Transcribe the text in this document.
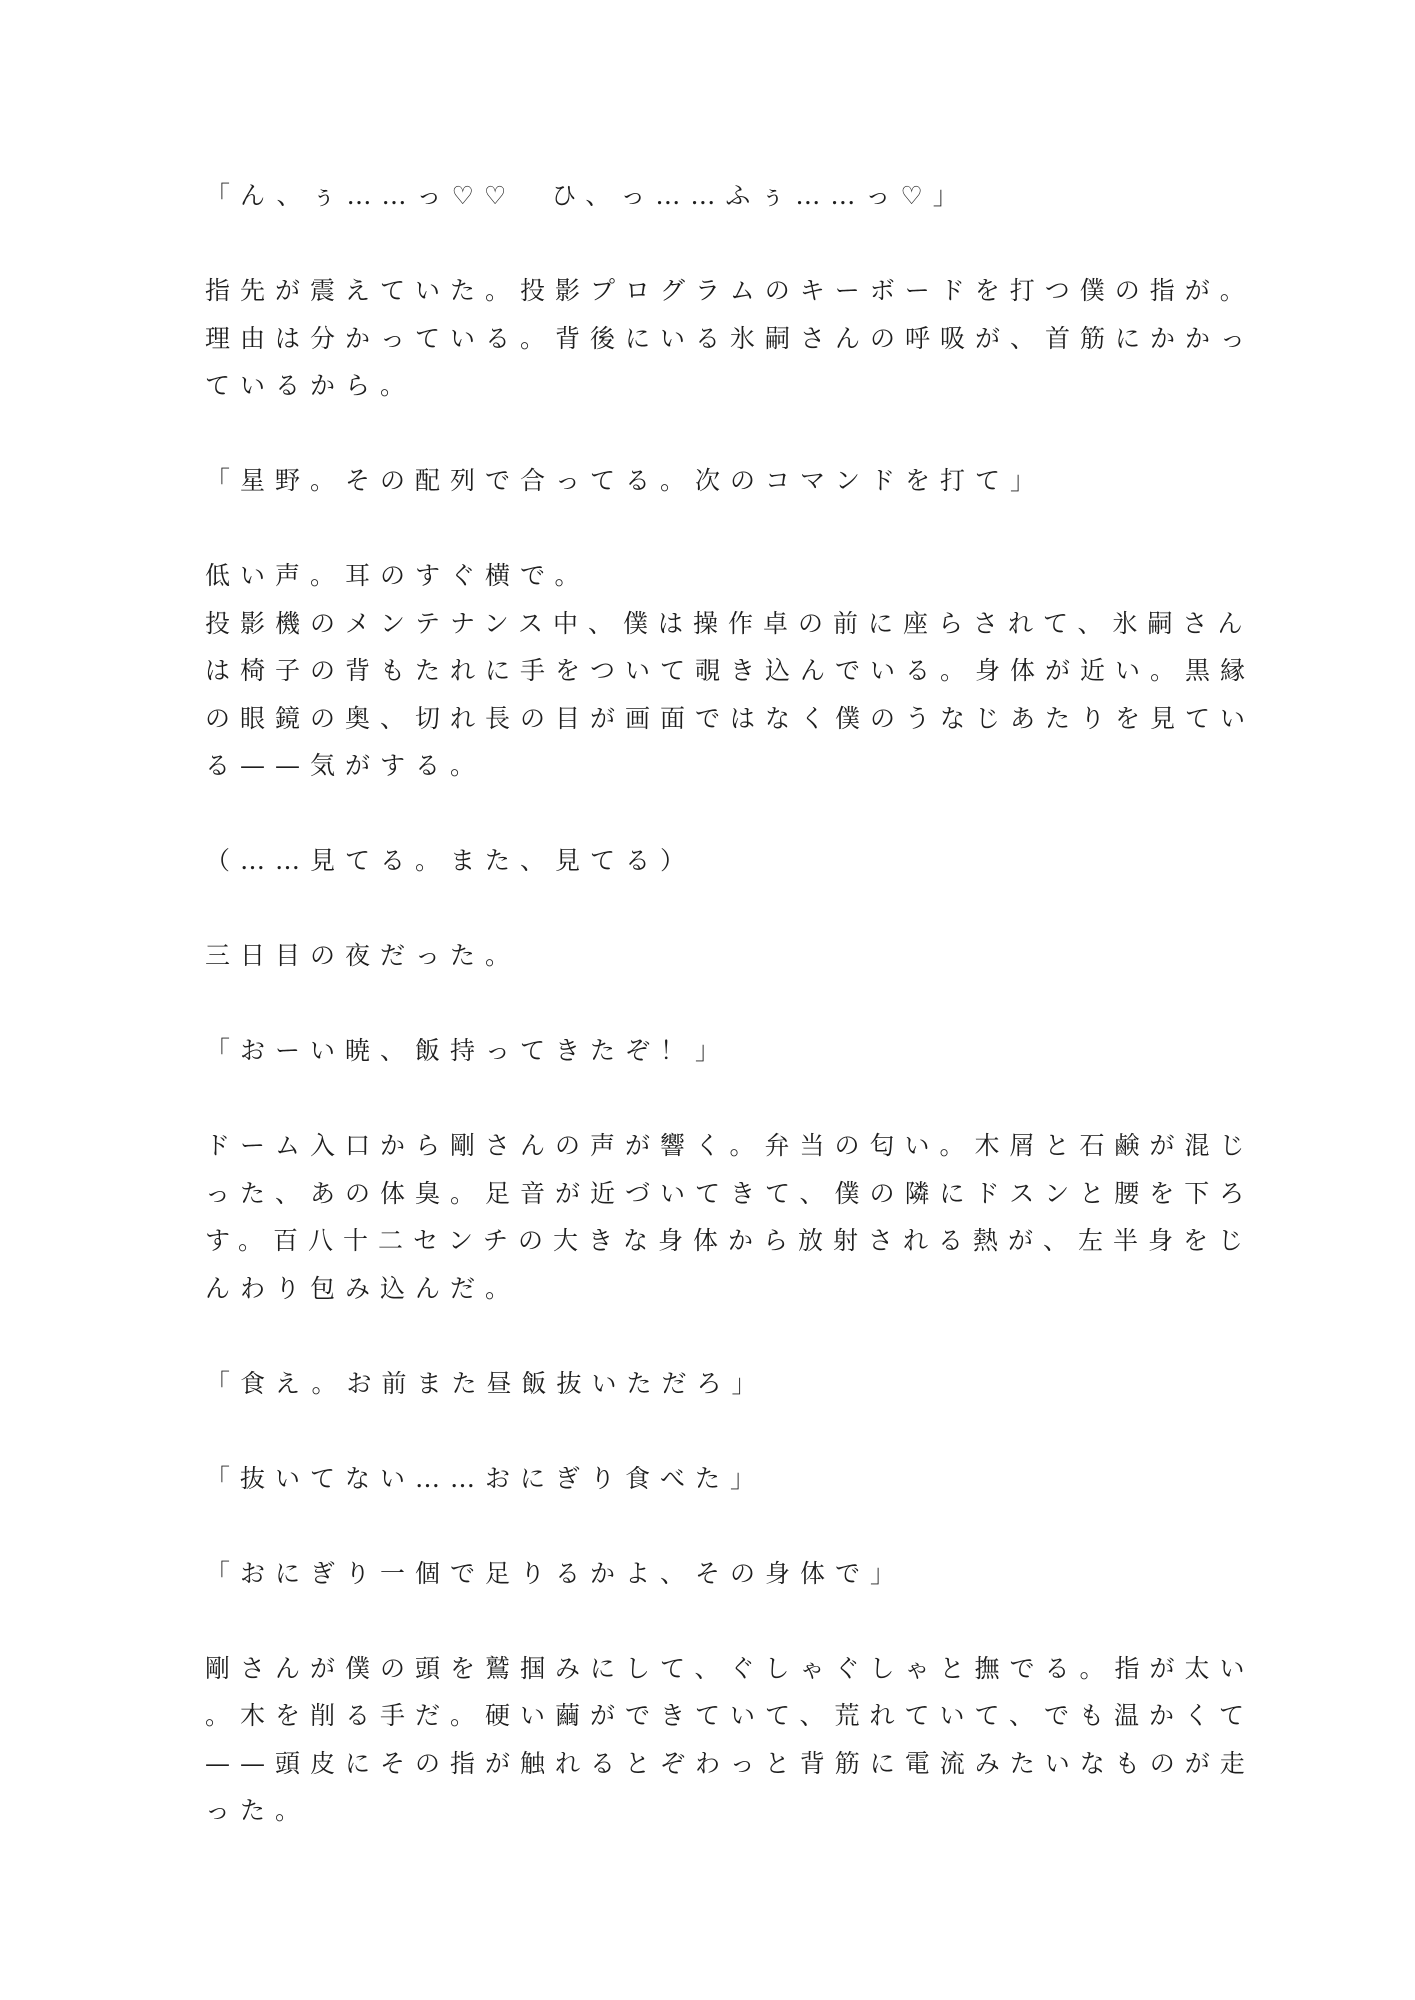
「ん、ぅ……っ♡♡　ひ、っ……ふぅ……っ♡」
指先が震えていた。投影プログラムのキーボードを打つ僕の指が。
理由は分かっている。背後にいる氷嗣さんの呼吸が、首筋にかかっ
ているから。
「星野。その配列で合ってる。次のコマンドを打て」
低い声。耳のすぐ横で。
投影機のメンテナンス中、僕は操作卓の前に座らされて、氷嗣さん
は椅子の背もたれに手をついて覗き込んでいる。身体が近い。黒縁
の眼鏡の奥、切れ長の目が画面ではなく僕のうなじあたりを見てい
る——気がする。
（……見てる。また、見てる）
三日目の夜だった。
「おーい暁、飯持ってきたぞ！」
ドーム入口から剛さんの声が響く。弁当の匂い。木屑と石鹸が混じ
った、あの体臭。足音が近づいてきて、僕の隣にドスンと腰を下ろ
す。百八十二センチの大きな身体から放射される熱が、左半身をじ
んわり包み込んだ。
「食え。お前また昼飯抜いただろ」
「抜いてない……おにぎり食べた」
「おにぎり一個で足りるかよ、その身体で」
剛さんが僕の頭を鷲掴みにして、ぐしゃぐしゃと撫でる。指が太い
。木を削る手だ。硬い繭ができていて、荒れていて、でも温かくて
——頭皮にその指が触れるとぞわっと背筋に電流みたいなものが走
った。
